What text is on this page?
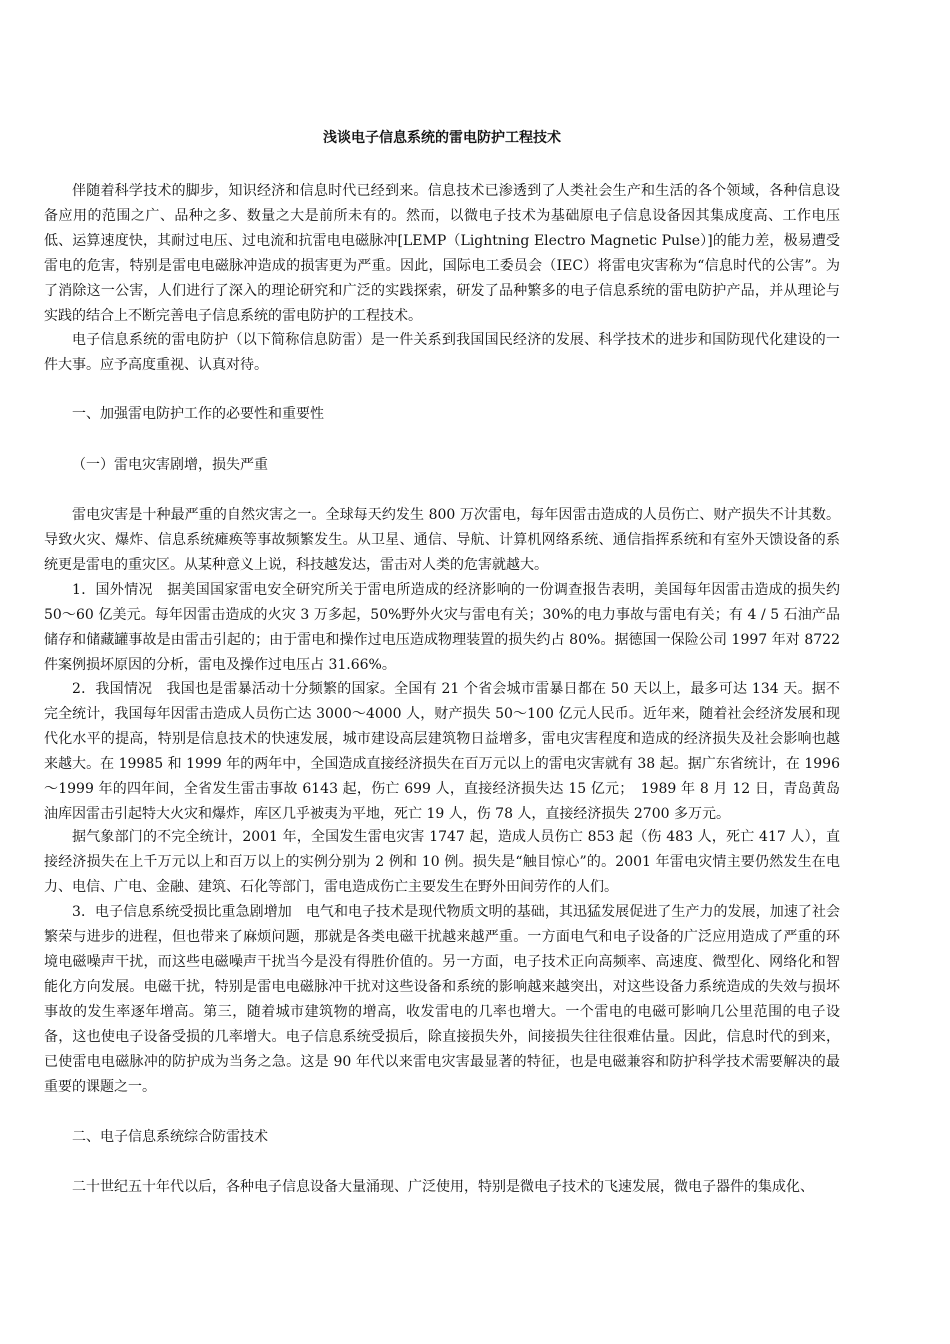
浅谈电子信息系统的雷电防护工程技术

伴随着科学技术的脚步，知识经济和信息时代已经到来。信息技术已渗透到了人类社会生产和生活的各个领域，各种信息设备应用的范围之广、品种之多、数量之大是前所未有的。然而，以微电子技术为基础原电子信息设备因其集成度高、工作电压低、运算速度快，其耐过电压、过电流和抗雷电电磁脉冲[LEMP（Lightning Electro Magnetic Pulse）]的能力差，极易遭受雷电的危害，特别是雷电电磁脉冲造成的损害更为严重。因此，国际电工委员会（IEC）将雷电灾害称为“信息时代的公害”。为了消除这一公害，人们进行了深入的理论研究和广泛的实践探索，研发了品种繁多的电子信息系统的雷电防护产品，并从理论与实践的结合上不断完善电子信息系统的雷电防护的工程技术。

电子信息系统的雷电防护（以下简称信息防雷）是一件关系到我国国民经济的发展、科学技术的进步和国防现代化建设的一件大事。应予高度重视、认真对待。

一、加强雷电防护工作的必要性和重要性

（一）雷电灾害剧增，损失严重

雷电灾害是十种最严重的自然灾害之一。全球每天约发生 800 万次雷电，每年因雷击造成的人员伤亡、财产损失不计其数。导致火灾、爆炸、信息系统瘫痪等事故频繁发生。从卫星、通信、导航、计算机网络系统、通信指挥系统和有室外天馈设备的系统更是雷电的重灾区。从某种意义上说，科技越发达，雷击对人类的危害就越大。

1．国外情况　据美国国家雷电安全研究所关于雷电所造成的经济影响的一份调查报告表明，美国每年因雷击造成的损失约 50～60 亿美元。每年因雷击造成的火灾 3 万多起，50%野外火灾与雷电有关；30%的电力事故与雷电有关；有 4 / 5 石油产品储存和储藏罐事故是由雷击引起的；由于雷电和操作过电压造成物理装置的损失约占 80%。据德国一保险公司 1997 年对 8722 件案例损坏原因的分析，雷电及操作过电压占 31.66%。

2．我国情况　我国也是雷暴活动十分频繁的国家。全国有 21 个省会城市雷暴日都在 50 天以上，最多可达 134 天。据不完全统计，我国每年因雷击造成人员伤亡达 3000～4000 人，财产损失 50～100 亿元人民币。近年来，随着社会经济发展和现代化水平的提高，特别是信息技术的快速发展，城市建设高层建筑物日益增多，雷电灾害程度和造成的经济损失及社会影响也越来越大。在 19985 和 1999 年的两年中，全国造成直接经济损失在百万元以上的雷电灾害就有 38 起。据广东省统计，在 1996～1999 年的四年间，全省发生雷击事故 6143 起，伤亡 699 人，直接经济损失达 15 亿元；　1989 年 8 月 12 日，青岛黄岛油库因雷击引起特大火灾和爆炸，库区几乎被夷为平地，死亡 19 人，伤 78 人，直接经济损失 2700 多万元。

据气象部门的不完全统计，2001 年，全国发生雷电灾害 1747 起，造成人员伤亡 853 起（伤 483 人，死亡 417 人），直接经济损失在上千万元以上和百万以上的实例分别为 2 例和 10 例。损失是“触目惊心”的。2001 年雷电灾情主要仍然发生在电力、电信、广电、金融、建筑、石化等部门，雷电造成伤亡主要发生在野外田间劳作的人们。

3．电子信息系统受损比重急剧增加　电气和电子技术是现代物质文明的基础，其迅猛发展促进了生产力的发展，加速了社会繁荣与进步的进程，但也带来了麻烦问题，那就是各类电磁干扰越来越严重。一方面电气和电子设备的广泛应用造成了严重的环境电磁噪声干扰，而这些电磁噪声干扰当今是没有得胜价值的。另一方面，电子技术正向高频率、高速度、微型化、网络化和智能化方向发展。电磁干扰，特别是雷电电磁脉冲干扰对这些设备和系统的影响越来越突出，对这些设备力系统造成的失效与损坏事故的发生率逐年增高。第三，随着城市建筑物的增高，收发雷电的几率也增大。一个雷电的电磁可影响几公里范围的电子设备，这也使电子设备受损的几率增大。电子信息系统受损后，除直接损失外，间接损失往往很难估量。因此，信息时代的到来，已使雷电电磁脉冲的防护成为当务之急。这是 90 年代以来雷电灾害最显著的特征，也是电磁兼容和防护科学技术需要解决的最重要的课题之一。

二、电子信息系统综合防雷技术

二十世纪五十年代以后，各种电子信息设备大量涌现、广泛使用，特别是微电子技术的飞速发展，微电子器件的集成化、
